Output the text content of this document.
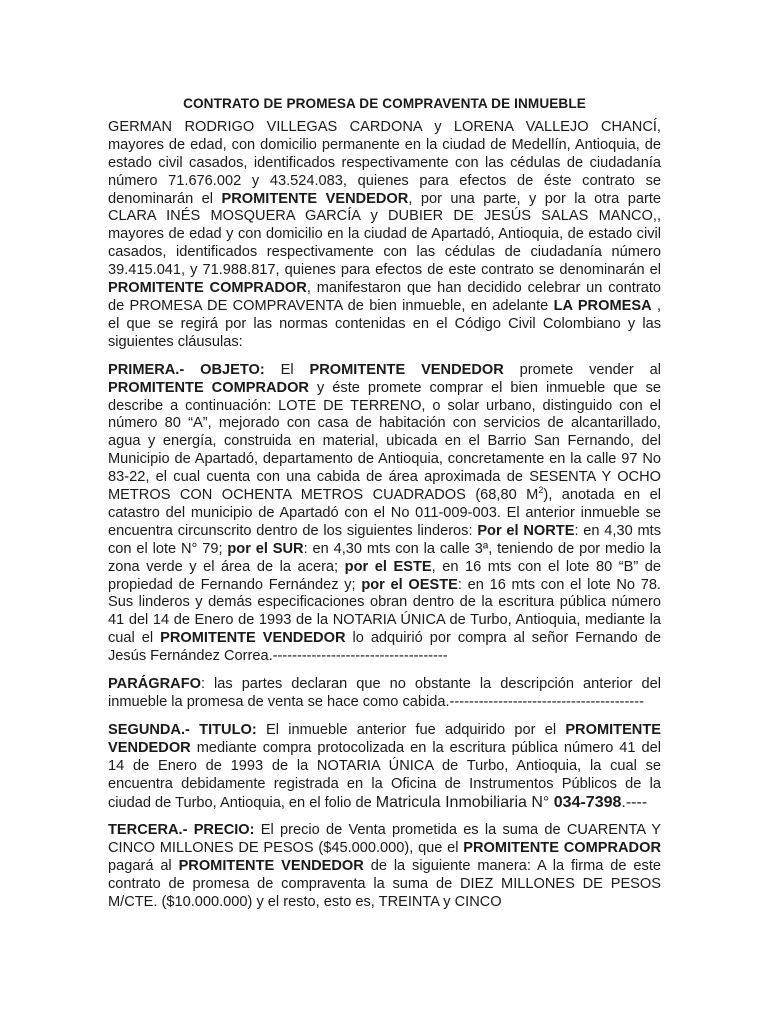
CONTRATO DE PROMESA DE COMPRAVENTA DE INMUEBLE

GERMAN RODRIGO VILLEGAS CARDONA y LORENA VALLEJO CHANCÍ, mayores de edad, con domicilio permanente en la ciudad de Medellín, Antioquia, de estado civil casados, identificados respectivamente con las cédulas de ciudadanía número 71.676.002 y 43.524.083, quienes para efectos de éste contrato se denominarán el PROMITENTE VENDEDOR, por una parte, y por la otra parte CLARA INÉS MOSQUERA GARCÍA y DUBIER DE JESÚS SALAS MANCO,, mayores de edad y con domicilio en la ciudad de Apartadó, Antioquia, de estado civil casados, identificados respectivamente con las cédulas de ciudadanía número 39.415.041, y 71.988.817, quienes para efectos de este contrato se denominarán el PROMITENTE COMPRADOR, manifestaron que han decidido celebrar un contrato de PROMESA DE COMPRAVENTA de bien inmueble, en adelante LA PROMESA , el que se regirá por las normas contenidas en el Código Civil Colombiano y las siguientes cláusulas:

PRIMERA.- OBJETO: El PROMITENTE VENDEDOR promete vender al PROMITENTE COMPRADOR y éste promete comprar el bien inmueble que se describe a continuación: LOTE DE TERRENO, o solar urbano, distinguido con el número 80 “A”, mejorado con casa de habitación con servicios de alcantarillado, agua y energía, construida en material, ubicada en el Barrio San Fernando, del Municipio de Apartadó, departamento de Antioquia, concretamente en la calle 97 No 83-22, el cual cuenta con una cabida de área aproximada de SESENTA Y OCHO METROS CON OCHENTA METROS CUADRADOS (68,80 $M^2$), anotada en el catastro del municipio de Apartadó con el No 011-009-003. El anterior inmueble se encuentra circunscrito dentro de los siguientes linderos: Por el NORTE: en 4,30 mts con el lote N° 79; por el SUR: en 4,30 mts con la calle 3ª, teniendo de por medio la zona verde y el área de la acera; por el ESTE, en 16 mts con el lote 80 “B” de propiedad de Fernando Fernández y; por el OESTE: en 16 mts con el lote No 78. Sus linderos y demás especificaciones obran dentro de la escritura pública número 41 del 14 de Enero de 1993 de la NOTARIA ÚNICA de Turbo, Antioquia, mediante la cual el PROMITENTE VENDEDOR lo adquirió por compra al señor Fernando de Jesús Fernández Correa.------------------------------------

PARÁGRAFO: las partes declaran que no obstante la descripción anterior del inmueble la promesa de venta se hace como cabida.----------------------------------------

SEGUNDA.- TITULO: El inmueble anterior fue adquirido por el PROMITENTE VENDEDOR mediante compra protocolizada en la escritura pública número 41 del 14 de Enero de 1993 de la NOTARIA ÚNICA de Turbo, Antioquia, la cual se encuentra debidamente registrada en la Oficina de Instrumentos Públicos de la ciudad de Turbo, Antioquia, en el folio de Matricula Inmobiliaria N° 034-7398.----

TERCERA.- PRECIO: El precio de Venta prometida es la suma de CUARENTA Y CINCO MILLONES DE PESOS ($45.000.000), que el PROMITENTE COMPRADOR pagará al PROMITENTE VENDEDOR de la siguiente manera: A la firma de este contrato de promesa de compraventa la suma de DIEZ MILLONES DE PESOS M/CTE. ($10.000.000) y el resto, esto es, TREINTA y CINCO
